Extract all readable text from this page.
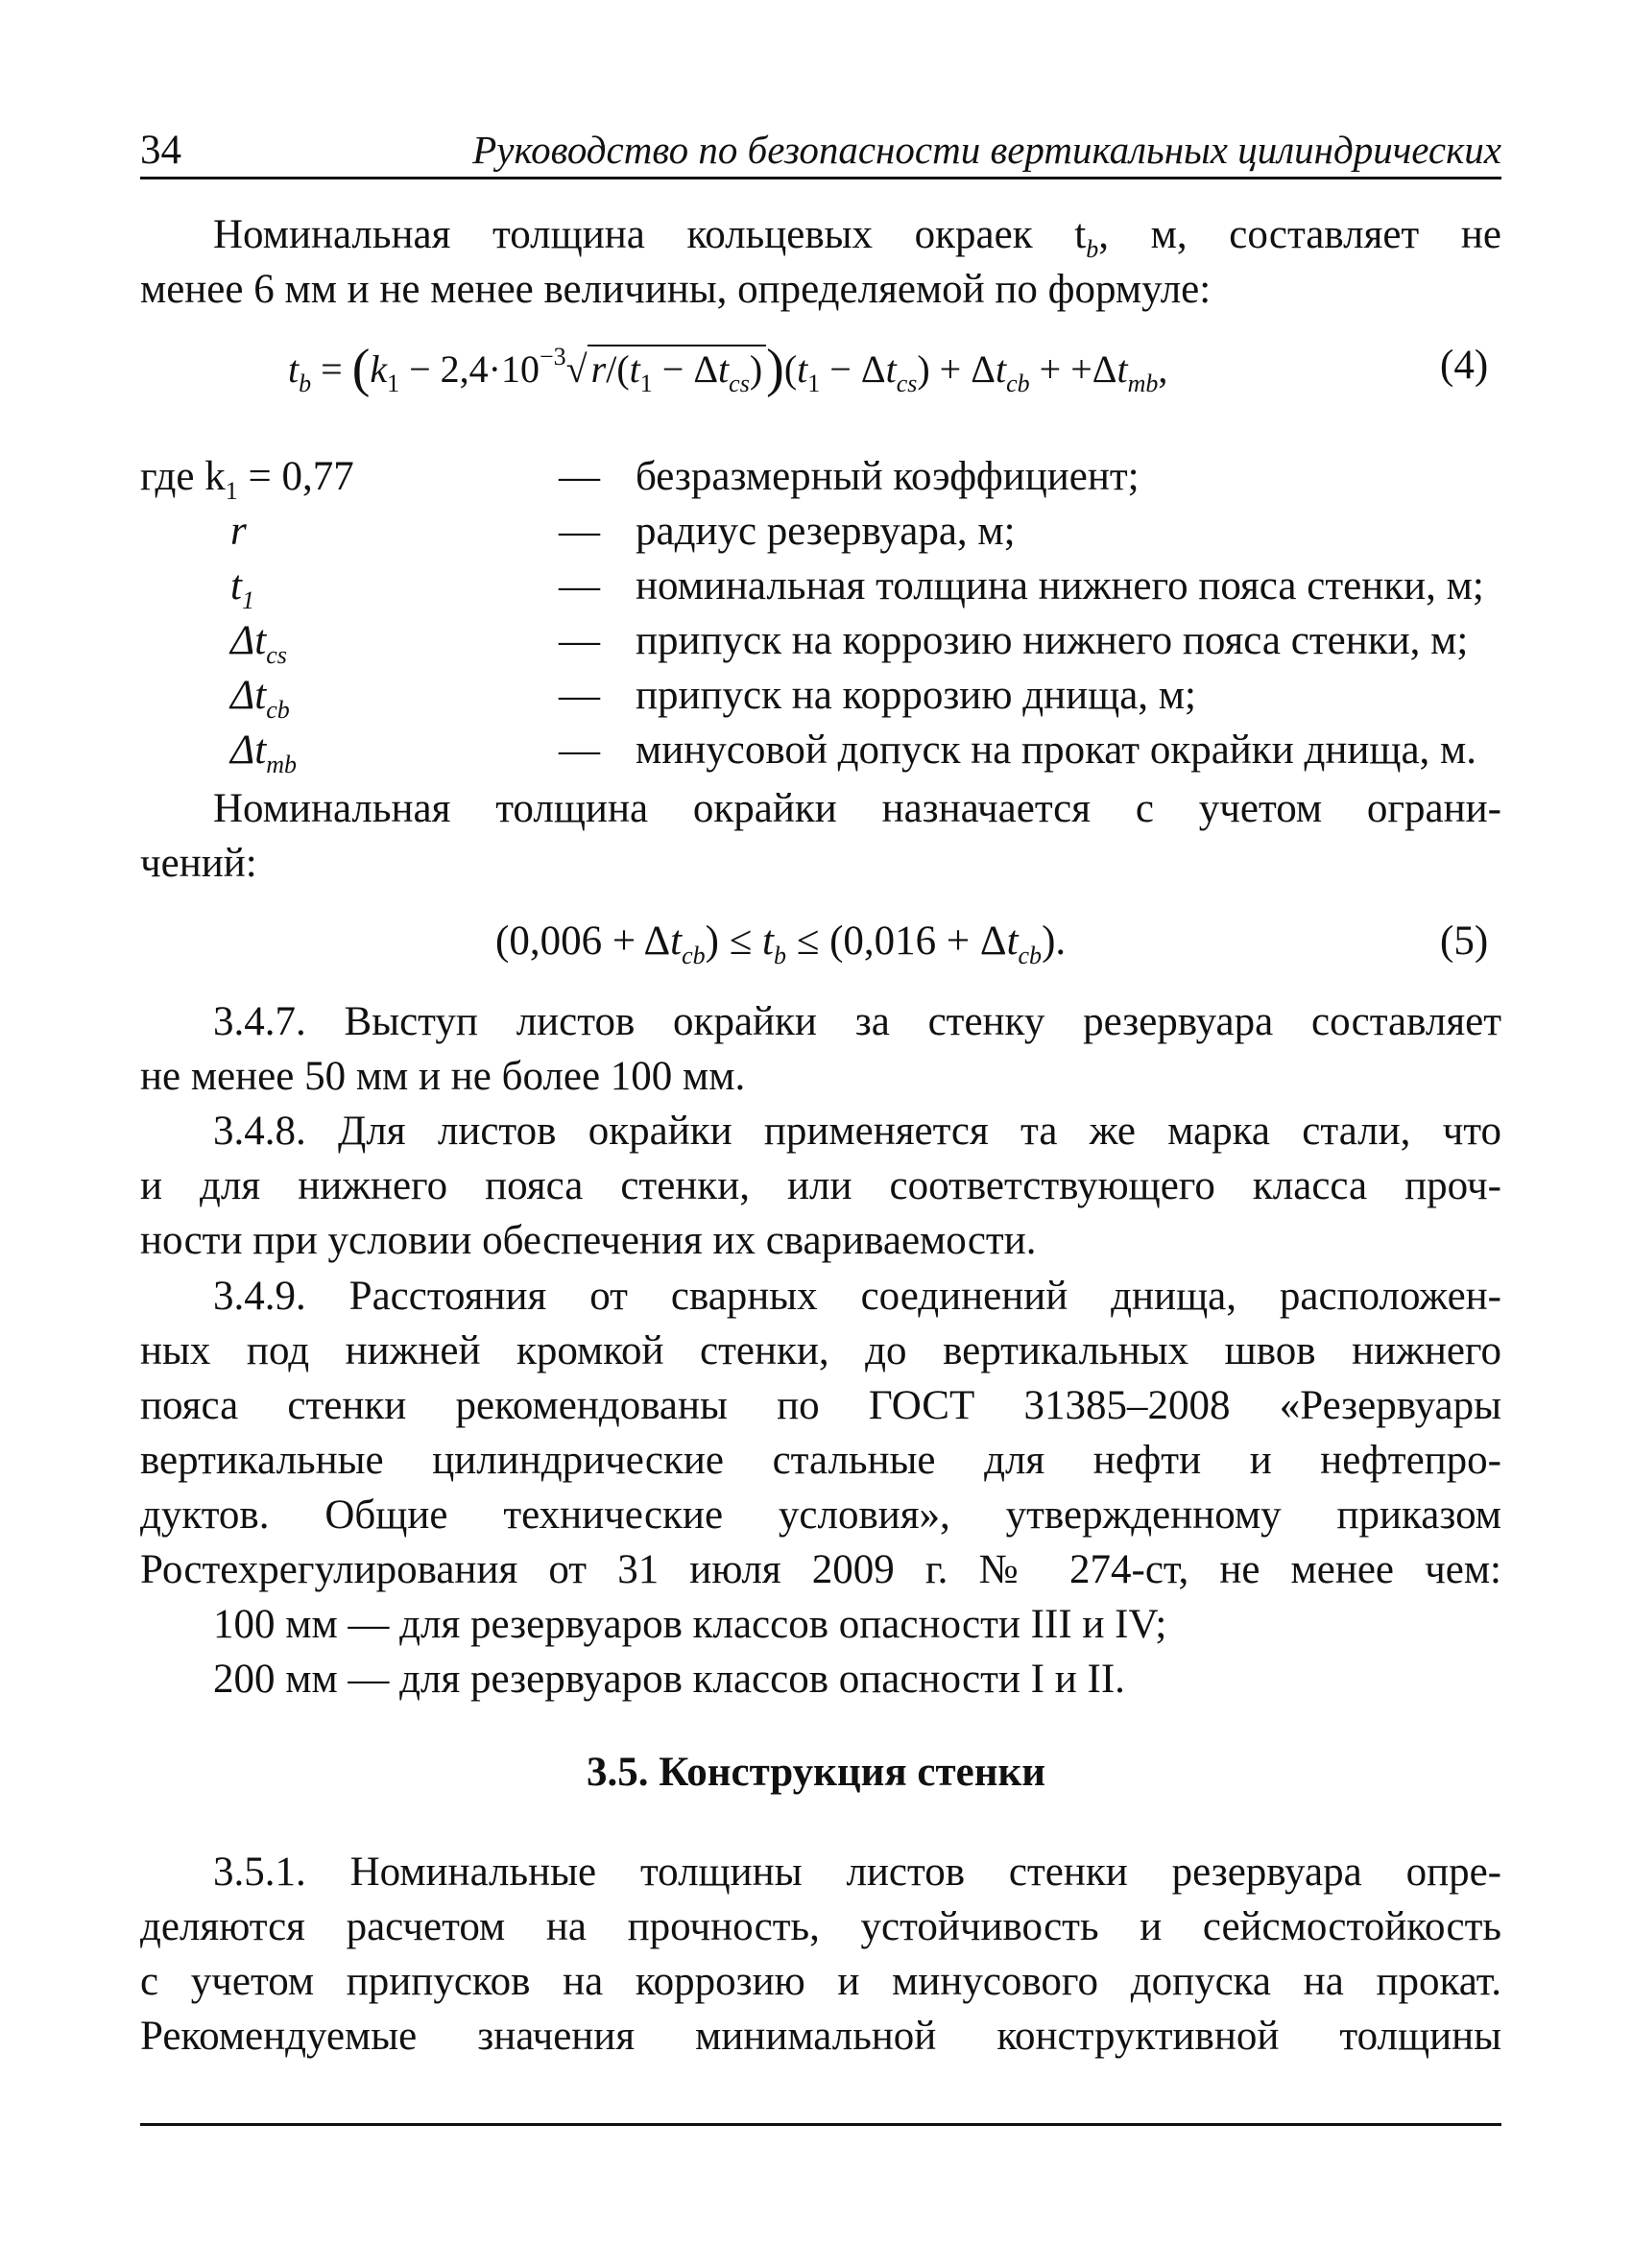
34	Руководство по безопасности вертикальных цилиндрических
Номинальная толщина кольцевых окраек $t_b$, м, составляет не
менее 6 мм и не менее величины, определяемой по формуле:
$t_b = (k_1 - 2,4\cdot 10^{-3}√$ $r/(t_1 - \Delta t_{cs}))(t_1 - \Delta t_{cs}) + \Delta t_{cb} + +\Delta t_{mb}$,	(4)
где $k_1 = 0,77$	— безразмерный коэффициент;
r	— радиус резервуара, м;
$t_1$	— номинальная толщина нижнего пояса стенки, м;
$\Delta t_{cs}$	— припуск на коррозию нижнего пояса стенки, м;
$\Delta t_{cb}$	— припуск на коррозию днища, м;
$\Delta t_{mb}$	— минусовой допуск на прокат окрайки днища, м.
Номинальная толщина окрайки назначается с учетом ограни-
чений:
$(0,006 + \Delta t_{cb}) \le t_b \le (0,016 + \Delta t_{cb})$.	(5)
3.4.7. Выступ листов окрайки за стенку резервуара составляет
не менее 50 мм и не более 100 мм.
3.4.8. Для листов окрайки применяется та же марка стали, что
и для нижнего пояса стенки, или соответствующего класса проч-
ности при условии обеспечения их свариваемости.
3.4.9. Расстояния от сварных соединений днища, расположен-
ных под нижней кромкой стенки, до вертикальных швов нижнего
пояса стенки рекомендованы по ГОСТ 31385–2008 «Резервуары
вертикальные цилиндрические стальные для нефти и нефтепро-
дуктов. Общие технические условия», утвержденному приказом
Ростехрегулирования от 31 июля 2009 г. № 274-ст, не менее чем:
100 мм — для резервуаров классов опасности III и IV;
200 мм — для резервуаров классов опасности I и II.
3.5. Конструкция стенки
3.5.1. Номинальные толщины листов стенки резервуара опре-
деляются расчетом на прочность, устойчивость и сейсмостойкость
с учетом припусков на коррозию и минусового допуска на прокат.
Рекомендуемые значения минимальной конструктивной толщины
